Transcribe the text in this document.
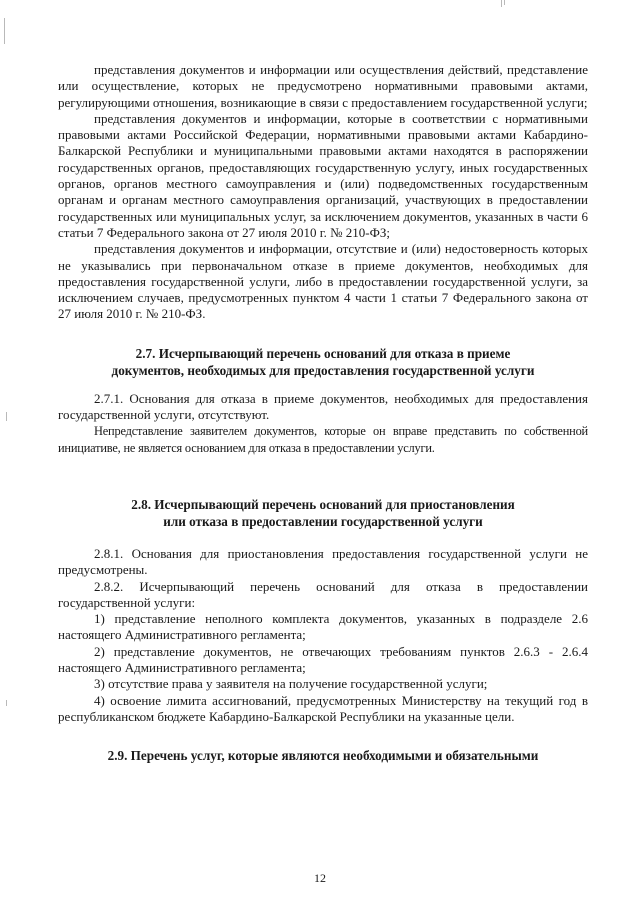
представления документов и информации или осуществления действий, представление или осуществление, которых не предусмотрено нормативными правовыми актами, регулирующими отношения, возникающие в связи с предоставлением государственной услуги;

представления документов и информации, которые в соответствии с нормативными правовыми актами Российской Федерации, нормативными правовыми актами Кабардино-Балкарской Республики и муниципальными правовыми актами находятся в распоряжении государственных органов, предоставляющих государственную услугу, иных государственных органов, органов местного самоуправления и (или) подведомственных государственным органам и органам местного самоуправления организаций, участвующих в предоставлении государственных или муниципальных услуг, за исключением документов, указанных в части 6 статьи 7 Федерального закона от 27 июля 2010 г. № 210-ФЗ;

представления документов и информации, отсутствие и (или) недостоверность которых не указывались при первоначальном отказе в приеме документов, необходимых для предоставления государственной услуги, либо в предоставлении государственной услуги, за исключением случаев, предусмотренных пунктом 4 части 1 статьи 7 Федерального закона от 27 июля 2010 г. № 210-ФЗ.

2.7. Исчерпывающий перечень оснований для отказа в приеме
документов, необходимых для предоставления государственной услуги

2.7.1. Основания для отказа в приеме документов, необходимых для предоставления государственной услуги, отсутствуют.

Непредставление заявителем документов, которые он вправе представить по собственной инициативе, не является основанием для отказа в предоставлении услуги.

2.8. Исчерпывающий перечень оснований для приостановления
или отказа в предоставлении государственной услуги

2.8.1. Основания для приостановления предоставления государственной услуги не предусмотрены.

2.8.2. Исчерпывающий перечень оснований для отказа в предоставлении государственной услуги:

1) представление неполного комплекта документов, указанных в подразделе 2.6 настоящего Административного регламента;

2) представление документов, не отвечающих требованиям пунктов 2.6.3 - 2.6.4 настоящего Административного регламента;

3) отсутствие права у заявителя на получение государственной услуги;

4) освоение лимита ассигнований, предусмотренных Министерству на текущий год в республиканском бюджете Кабардино-Балкарской Республики на указанные цели.

2.9. Перечень услуг, которые являются необходимыми и обязательными
12
